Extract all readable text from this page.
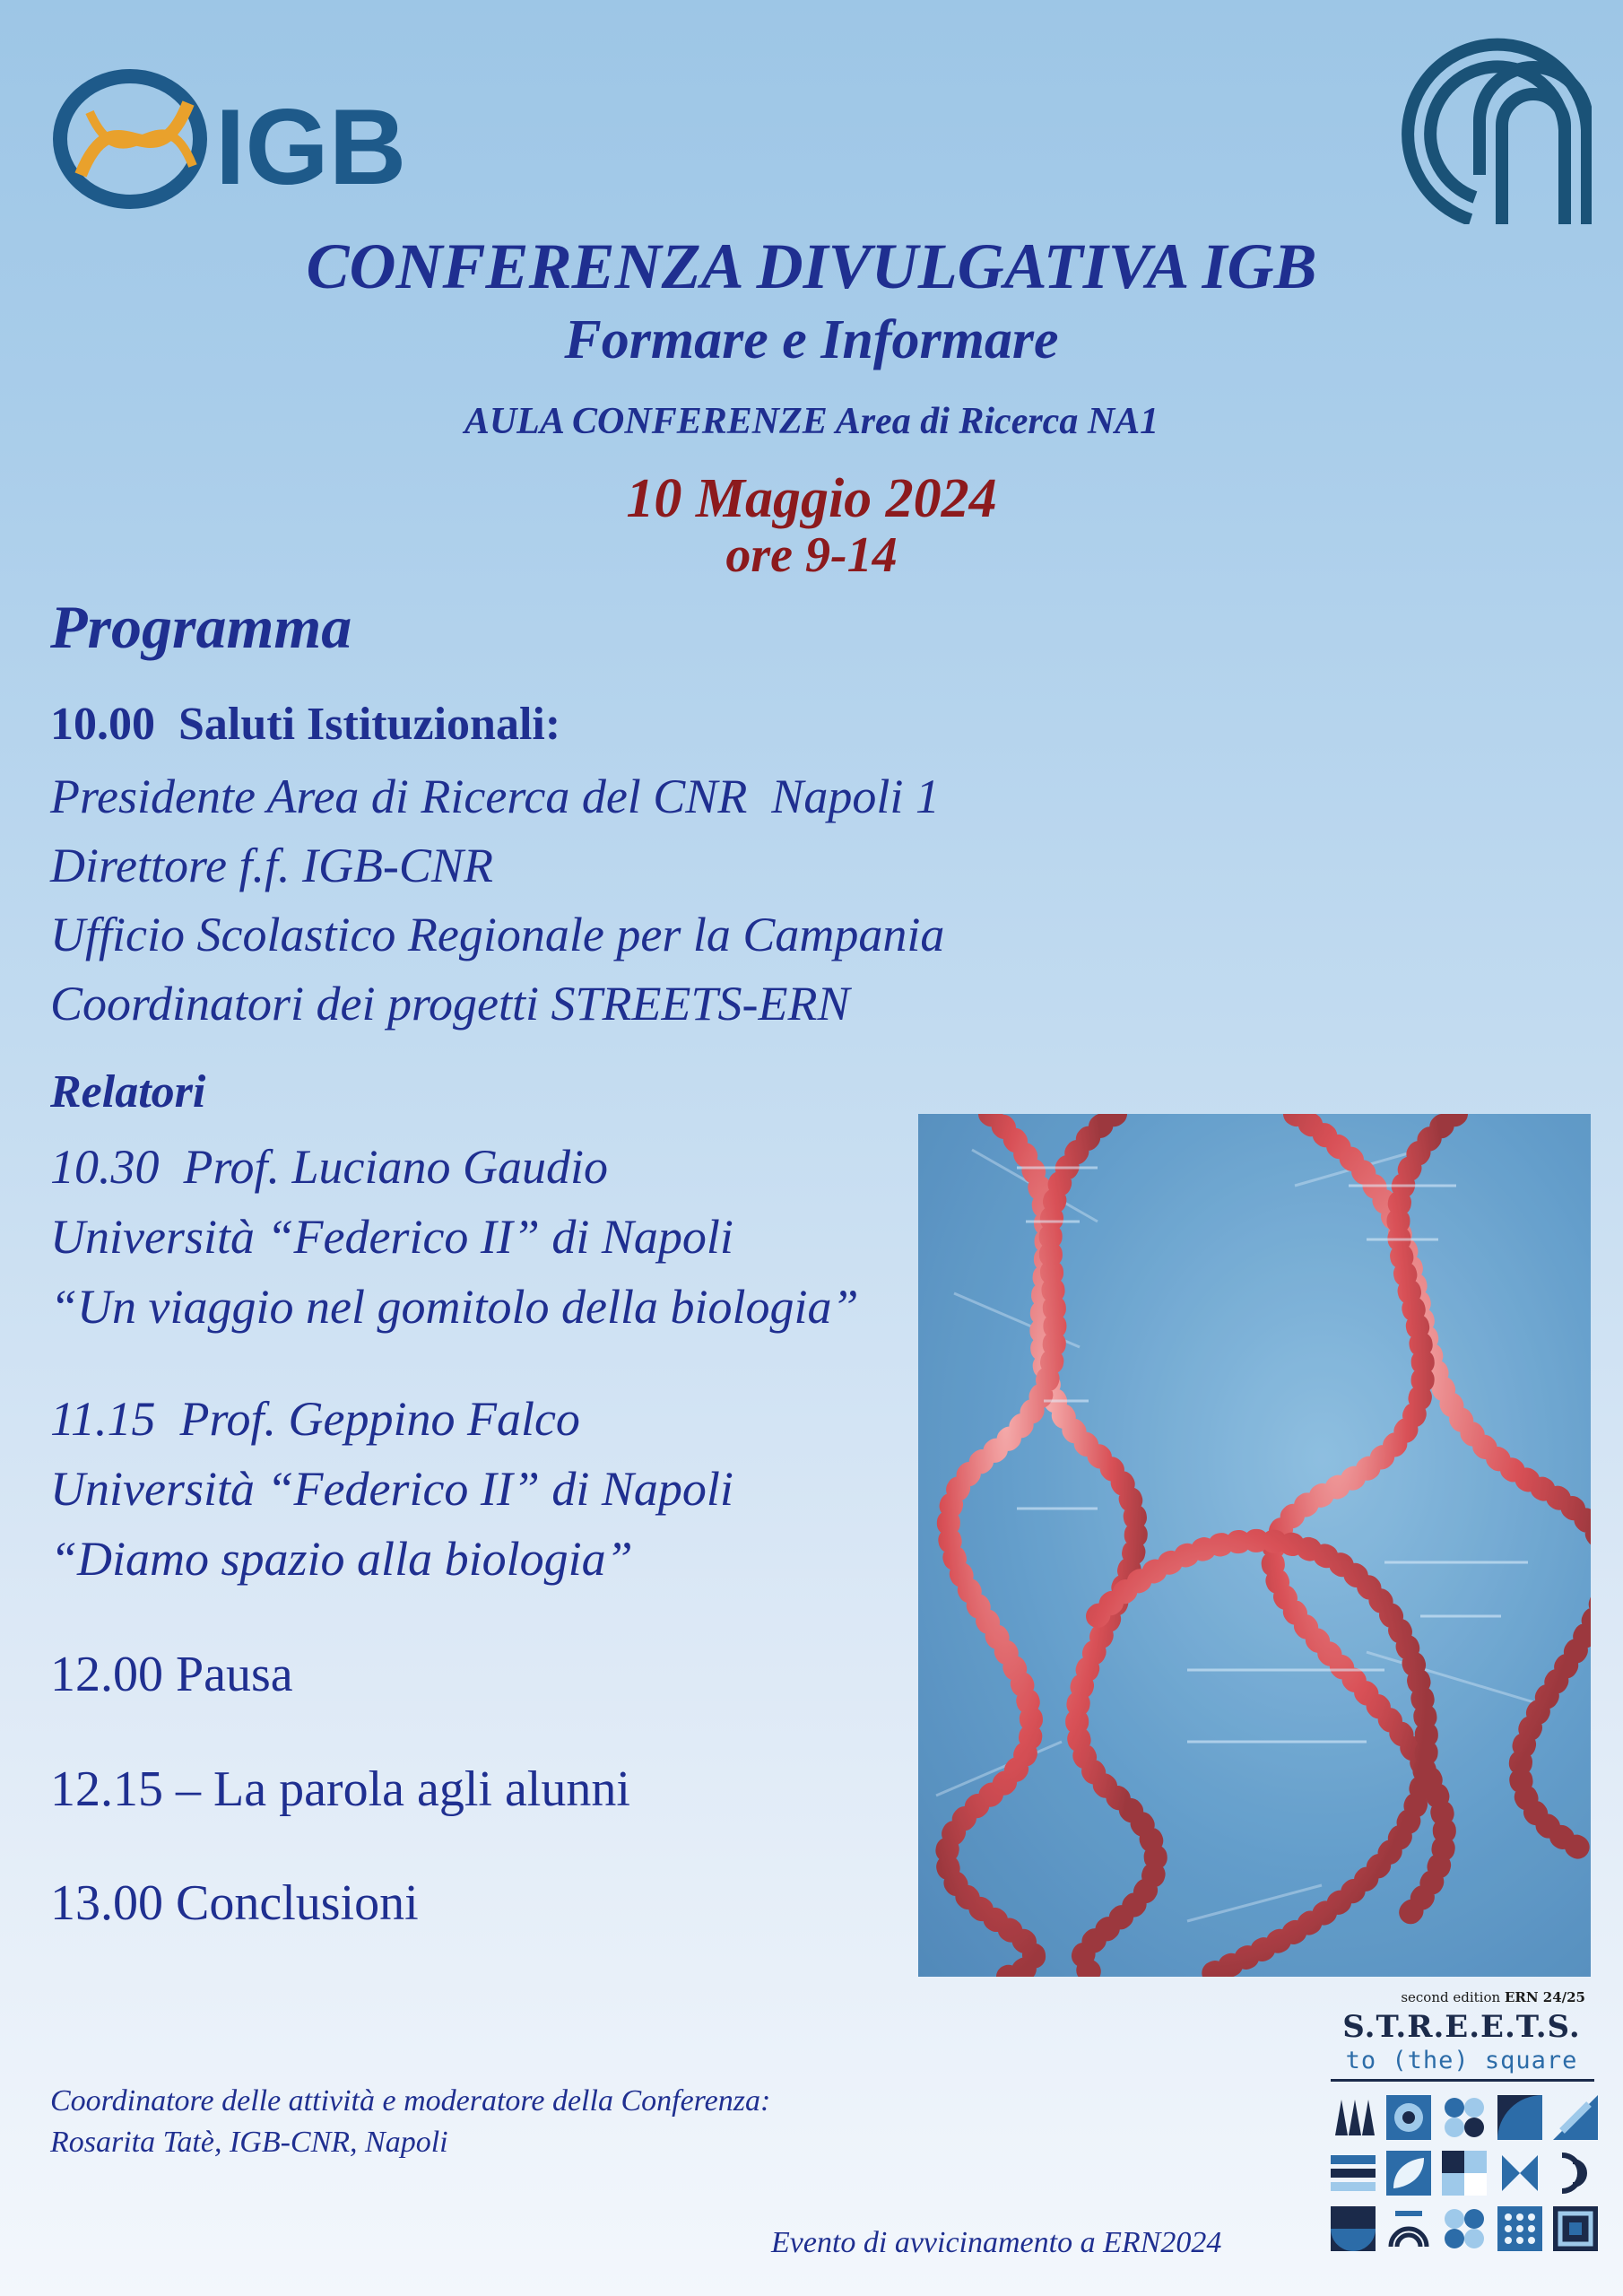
IGB
CONFERENZA DIVULGATIVA IGB
Formare e Informare
AULA CONFERENZE Area di Ricerca NA1
10 Maggio 2024
ore 9-14
Programma
10.00  Saluti Istituzionali:
Presidente Area di Ricerca del CNR  Napoli 1
Direttore f.f. IGB-CNR
Ufficio Scolastico Regionale per la Campania
Coordinatori dei progetti STREETS-ERN
Relatori
10.30  Prof. Luciano Gaudio
Università “Federico II” di Napoli
“Un viaggio nel gomitolo della biologia”
11.15  Prof. Geppino Falco
Università “Federico II” di Napoli
“Diamo spazio alla biologia”
12.00 Pausa
12.15 – La parola agli alunni
13.00 Conclusioni
Coordinatore delle attività e moderatore della Conferenza:
Rosarita Tatè, IGB-CNR, Napoli
Evento di avvicinamento a ERN2024
second edition ERN 24/25
S.T.R.E.E.T.S.
to (the) square
